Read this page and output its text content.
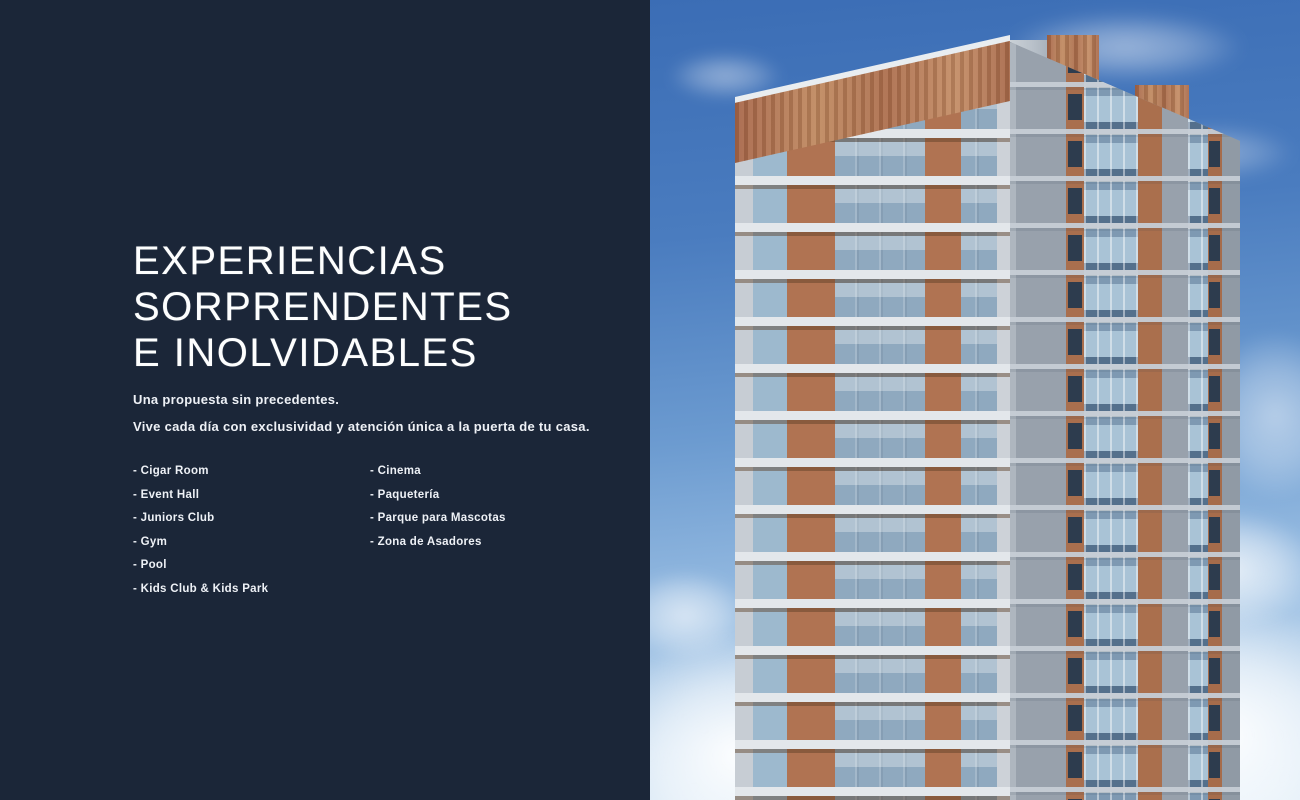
EXPERIENCIAS
SORPRENDENTES
E INOLVIDABLES

Una propuesta sin precedentes.

Vive cada día con exclusividad y atención única a la puerta de tu casa.

- Cigar Room
- Event Hall
- Juniors Club
- Gym
- Pool
- Kids Club & Kids Park
- Cinema
- Paquetería
- Parque para Mascotas
- Zona de Asadores
